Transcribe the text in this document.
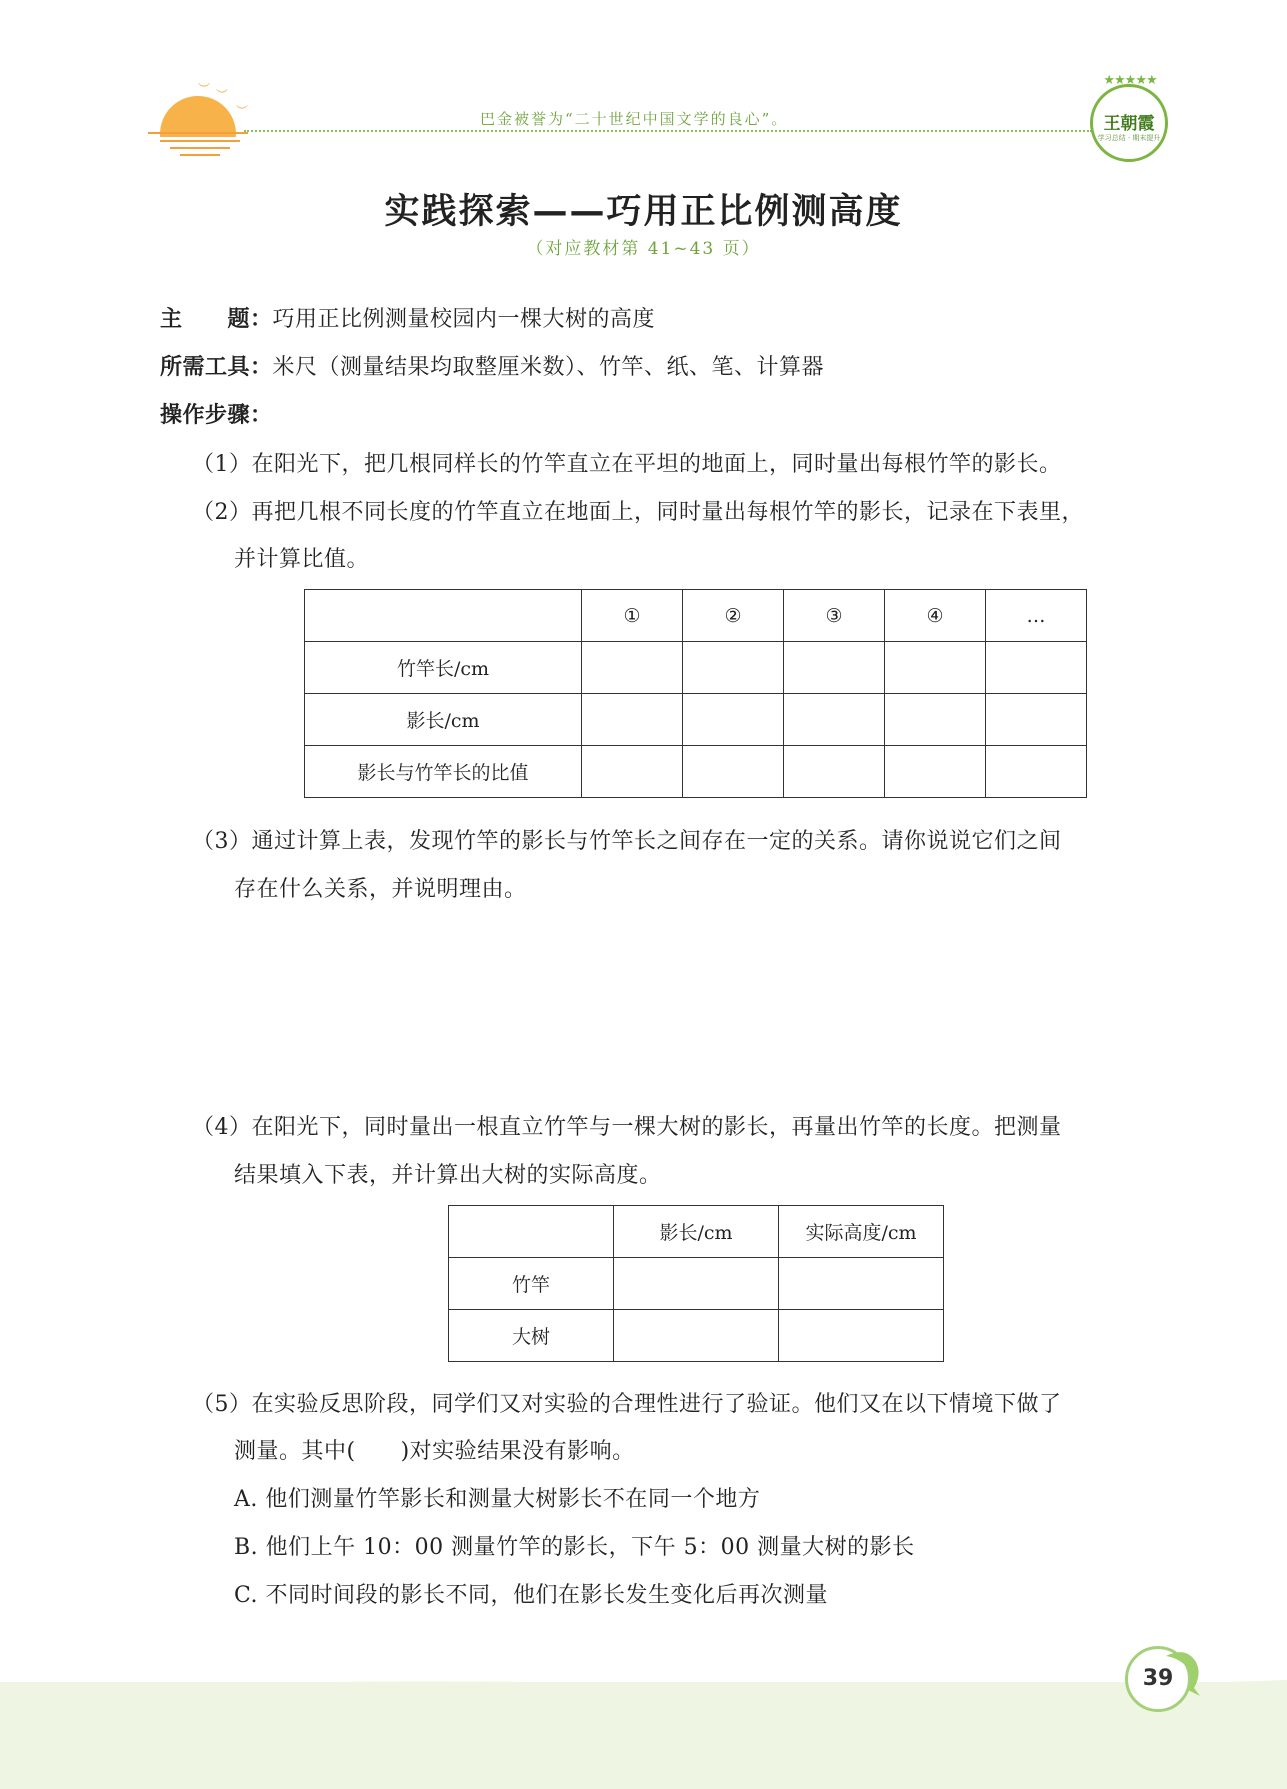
︶ ︶
︶	巴金被誉为“二十世纪中国文学的良心”。
★★★★★
王朝霞
学习总结 · 期末提升
实践探索——巧用正比例测高度
（对应教材第 41~43 页）
主　　题：巧用正比例测量校园内一棵大树的高度
所需工具：米尺（测量结果均取整厘米数）、竹竿、纸、笔、计算器
操作步骤：
（1）在阳光下，把几根同样长的竹竿直立在平坦的地面上，同时量出每根竹竿的影长。
（2）再把几根不同长度的竹竿直立在地面上，同时量出每根竹竿的影长，记录在下表里，
并计算比值。
	①	②	③	④	…
竹竿长/cm					
影长/cm					
影长与竹竿长的比值					
（3）通过计算上表，发现竹竿的影长与竹竿长之间存在一定的关系。请你说说它们之间
存在什么关系，并说明理由。
（4）在阳光下，同时量出一根直立竹竿与一棵大树的影长，再量出竹竿的长度。把测量
结果填入下表，并计算出大树的实际高度。
	影长/cm	实际高度/cm
竹竿		
大树		
（5）在实验反思阶段，同学们又对实验的合理性进行了验证。他们又在以下情境下做了
测量。其中(　　)对实验结果没有影响。
A. 他们测量竹竿影长和测量大树影长不在同一个地方
B. 他们上午 10：00 测量竹竿的影长，下午 5：00 测量大树的影长
C. 不同时间段的影长不同，他们在影长发生变化后再次测量
39
